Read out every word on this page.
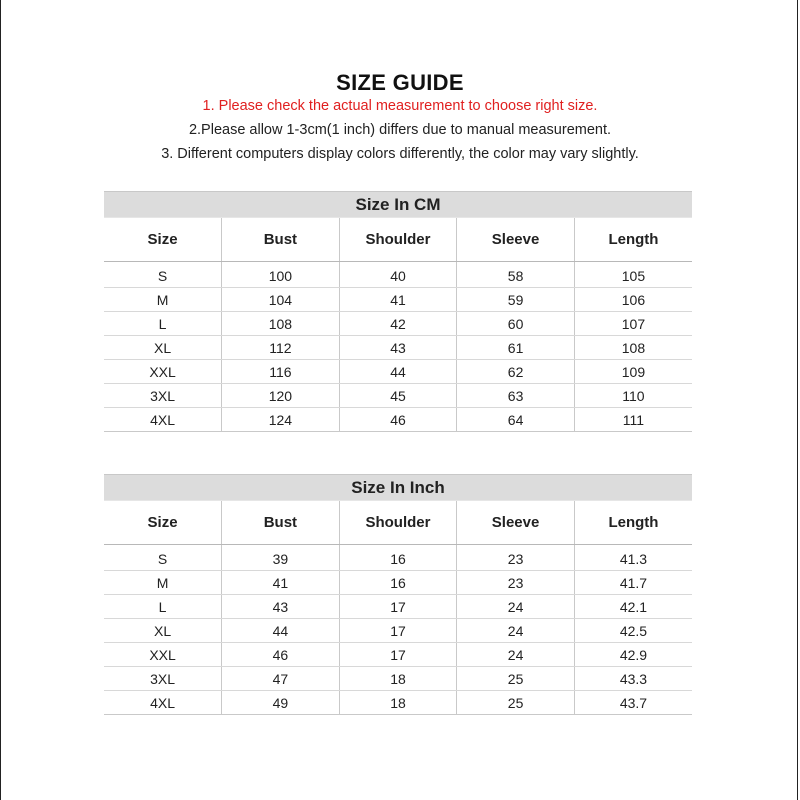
SIZE GUIDE
1. Please check the actual measurement to choose right size.
2.Please allow 1-3cm(1 inch) differs due to manual measurement.
3. Different computers display colors differently, the color may vary slightly.
Size In CM				
Size	Bust	Shoulder	Sleeve	Length
S	100	40	58	105
M	104	41	59	106
L	108	42	60	107
XL	112	43	61	108
XXL	116	44	62	109
3XL	120	45	63	110
4XL	124	46	64	111
Size In Inch				
Size	Bust	Shoulder	Sleeve	Length
S	39	16	23	41.3
M	41	16	23	41.7
L	43	17	24	42.1
XL	44	17	24	42.5
XXL	46	17	24	42.9
3XL	47	18	25	43.3
4XL	49	18	25	43.7
